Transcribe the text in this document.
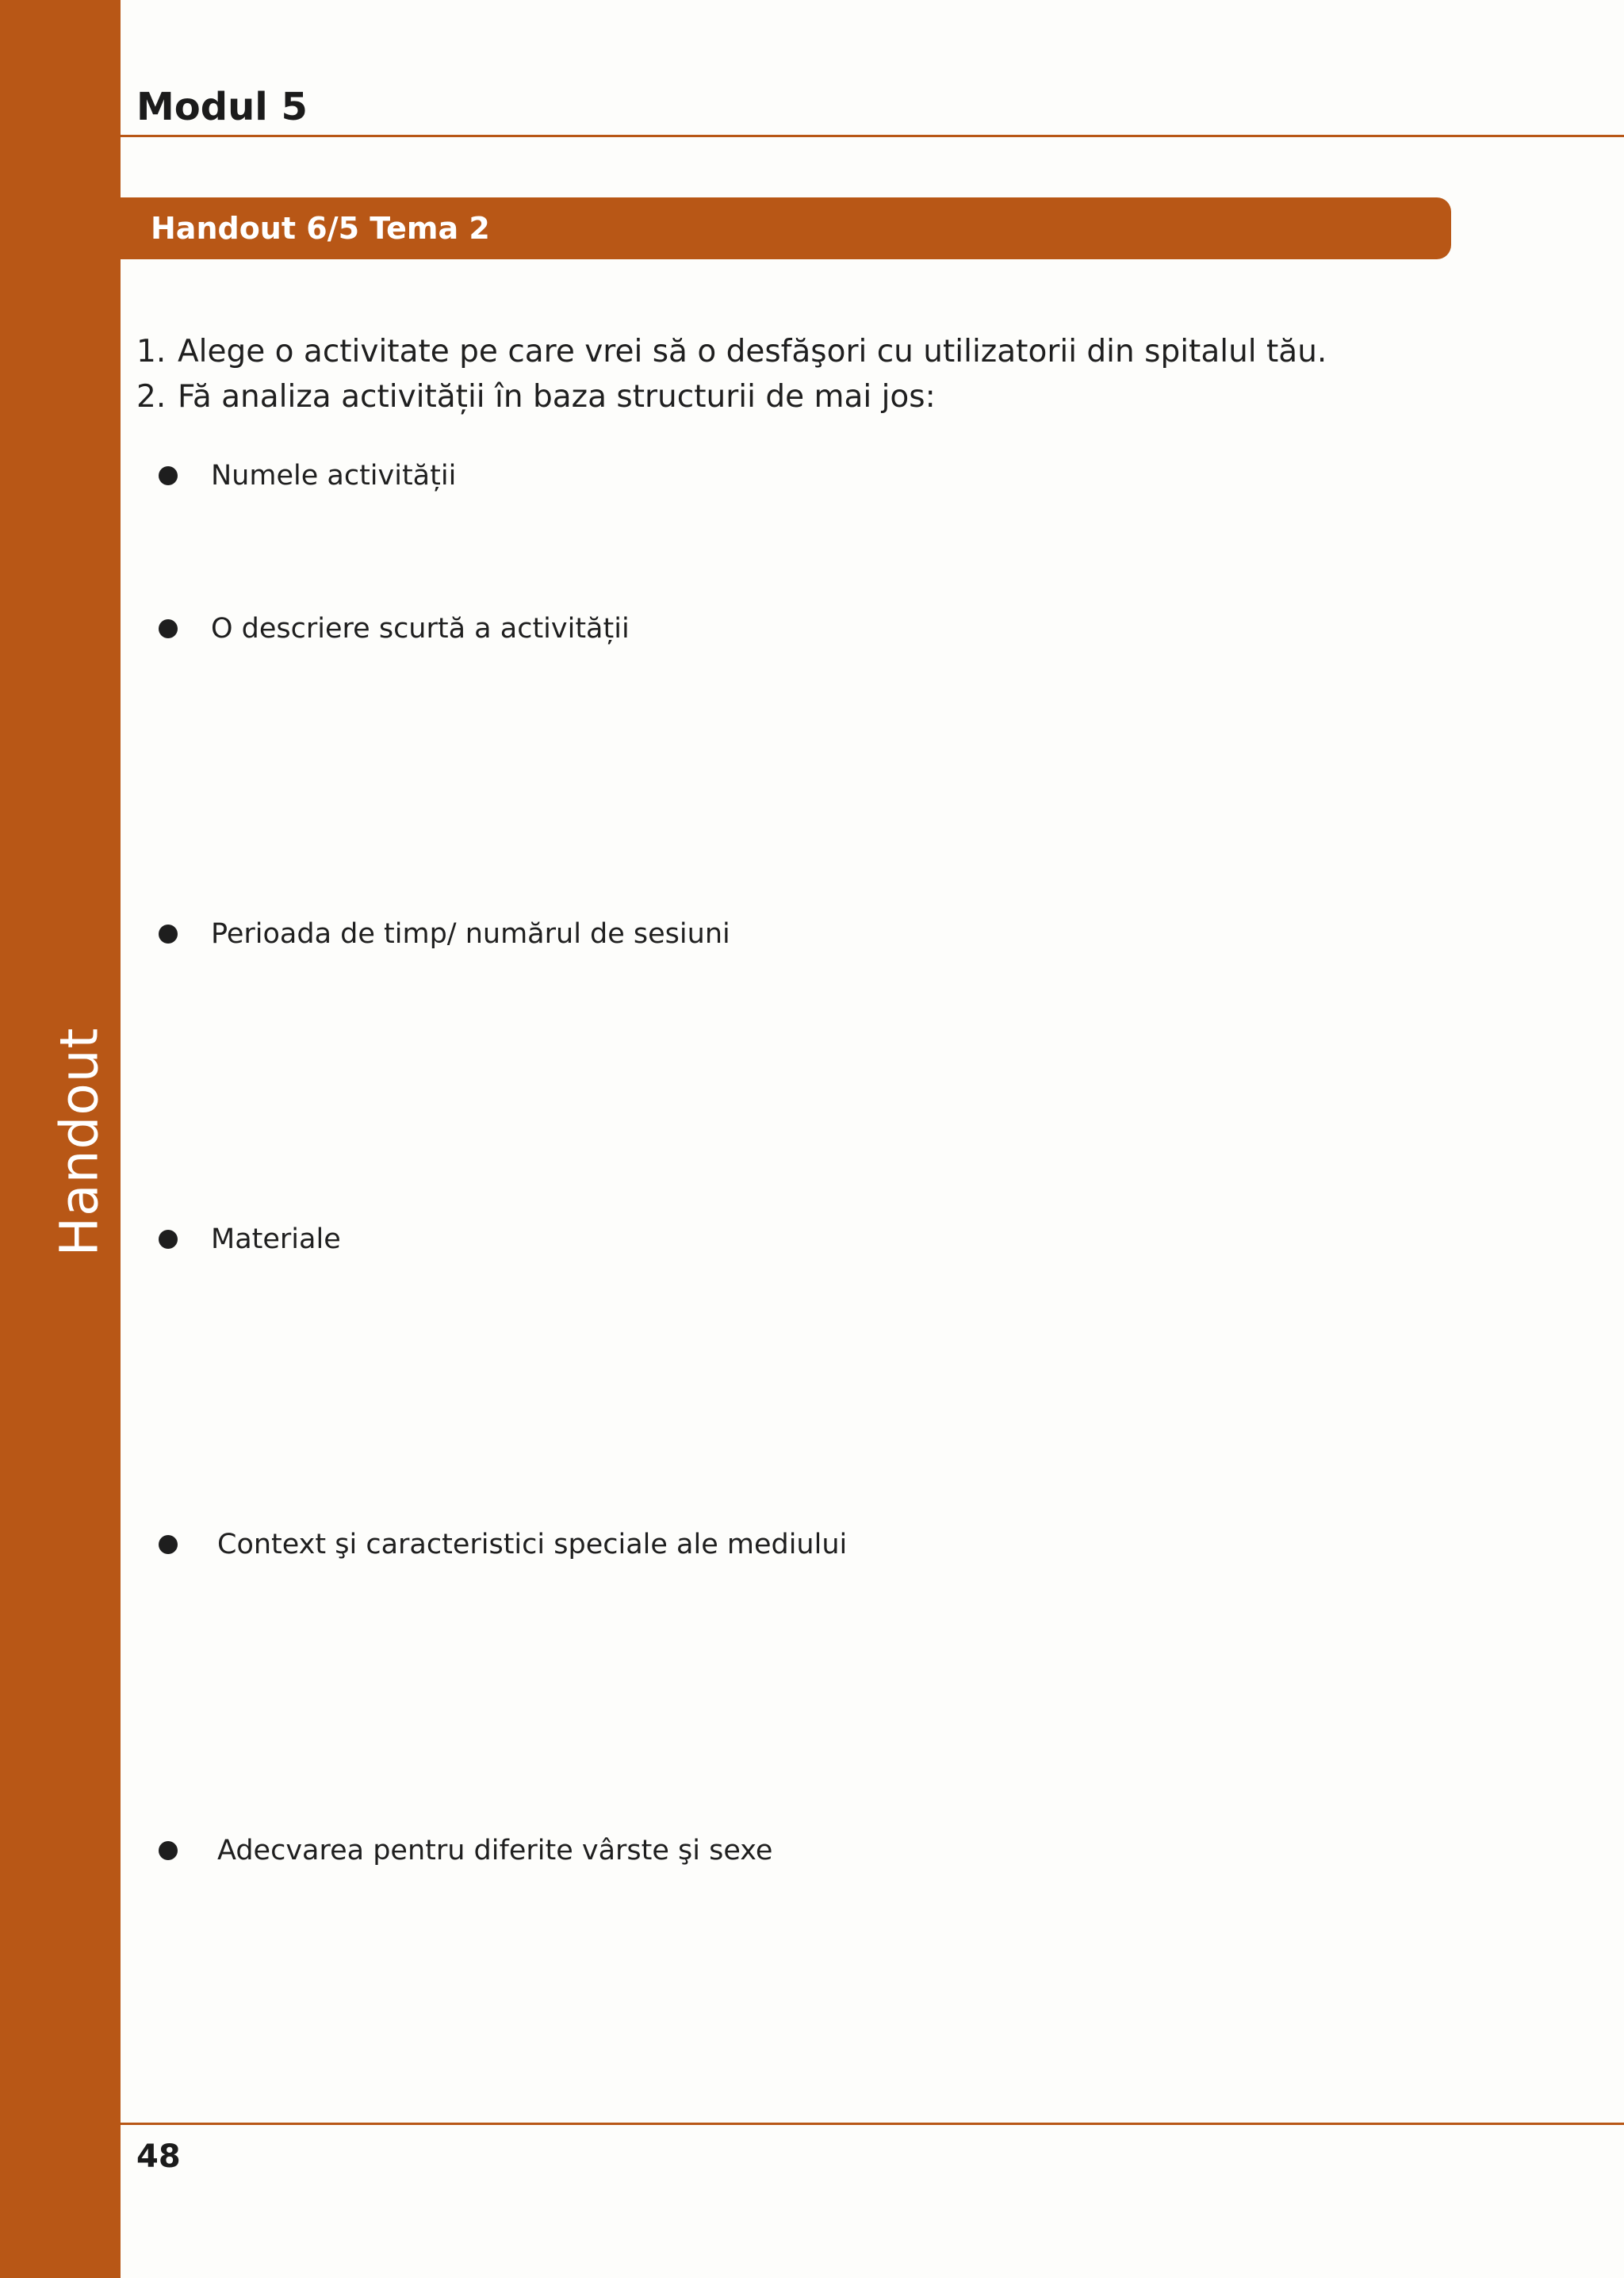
Handout
Modul 5
Handout 6/5 Tema 2
1. Alege o activitate pe care vrei să o desfăşori cu utilizatorii din spitalul tău.
2. Fă analiza activității în baza structurii de mai jos:
Numele activității
O descriere scurtă a activității
Perioada de timp/ numărul de sesiuni
Materiale
Context şi caracteristici speciale ale mediului
Adecvarea pentru diferite vârste şi sexe
48
